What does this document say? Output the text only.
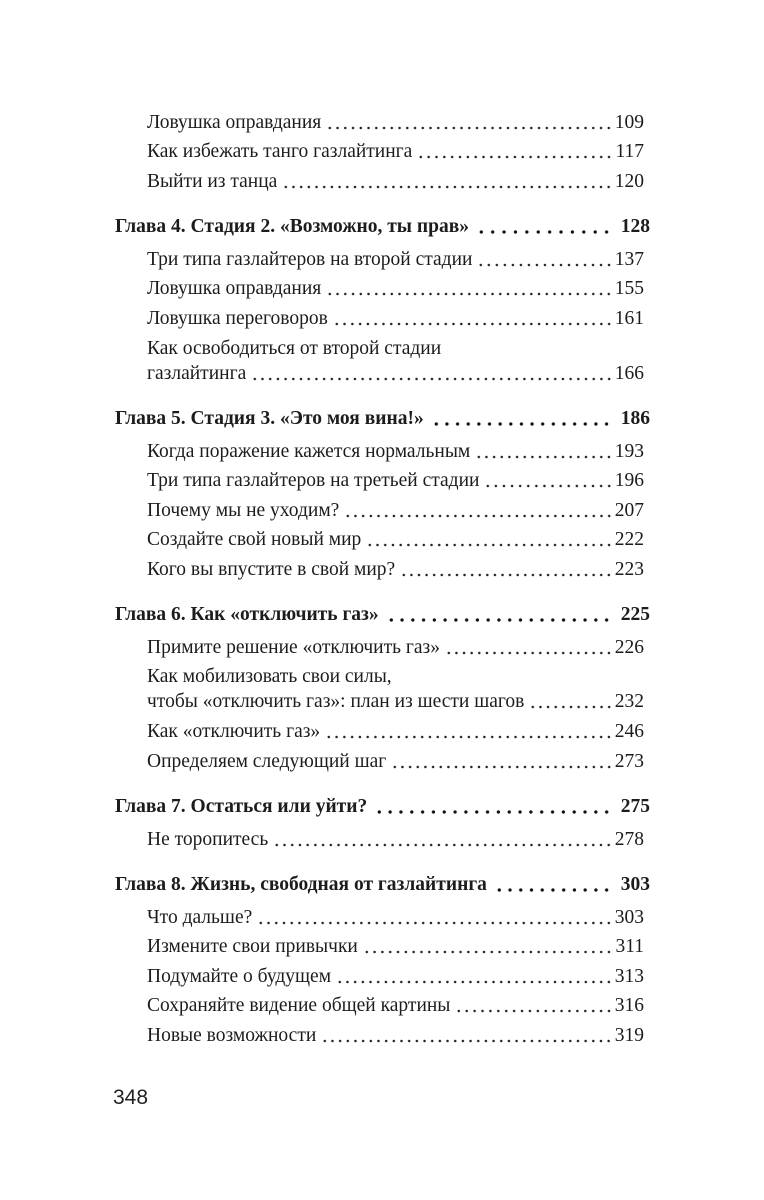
Ловушка оправдания	109
Как избежать танго газлайтинга	117
Выйти из танца	120
Глава 4. Стадия 2. «Возможно, ты прав»	128
Три типа газлайтеров на второй стадии	137
Ловушка оправдания	155
Ловушка переговоров	161
Как освободиться от второй стадии
газлайтинга	166
Глава 5. Стадия 3. «Это моя вина!»	186
Когда поражение кажется нормальным	193
Три типа газлайтеров на третьей стадии	196
Почему мы не уходим?	207
Создайте свой новый мир	222
Кого вы впустите в свой мир?	223
Глава 6. Как «отключить газ»	225
Примите решение «отключить газ»	226
Как мобилизовать свои силы,
чтобы «отключить газ»: план из шести шагов	232
Как «отключить газ»	246
Определяем следующий шаг	273
Глава 7. Остаться или уйти?	275
Не торопитесь	278
Глава 8. Жизнь, свободная от газлайтинга	303
Что дальше?	303
Измените свои привычки	311
Подумайте о будущем	313
Сохраняйте видение общей картины	316
Новые возможности	319
348
